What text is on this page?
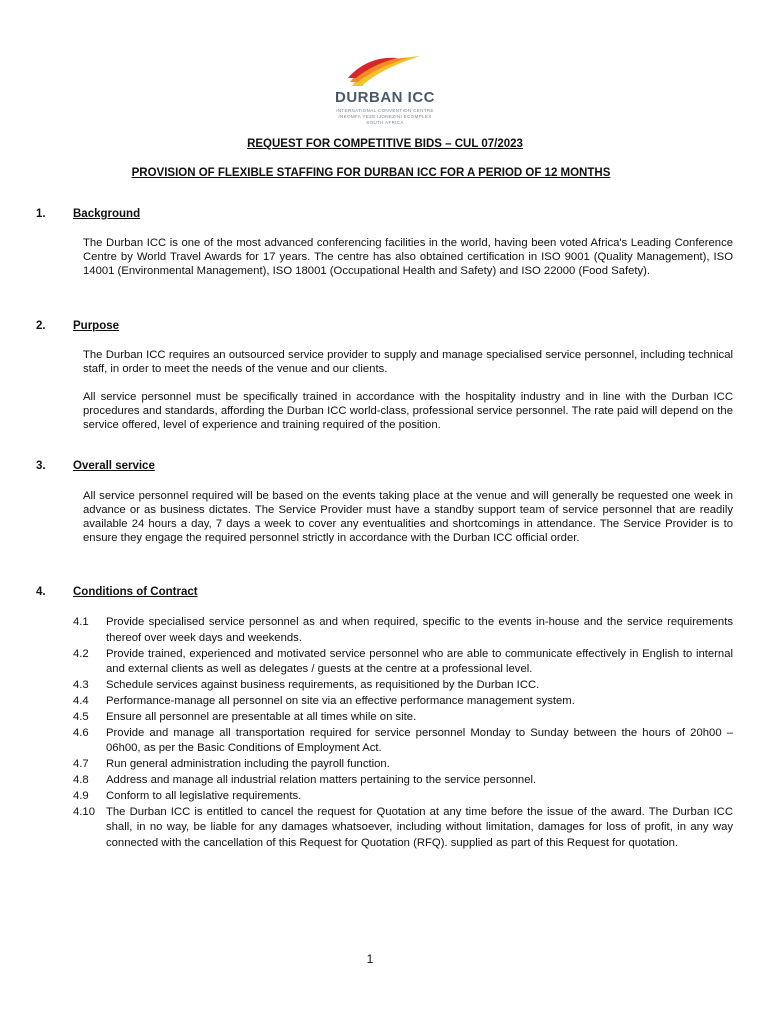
DURBAN ICC
INTERNATIONAL CONVENTION CENTRE
INKOMFA YEZE IJONEZINI ECOMPLEX
SOUTH AFRICA
REQUEST FOR COMPETITIVE BIDS – CUL 07/2023
PROVISION OF FLEXIBLE STAFFING FOR DURBAN ICC FOR A PERIOD OF 12 MONTHS
1. Background

The Durban ICC is one of the most advanced conferencing facilities in the world, having been voted Africa's Leading Conference Centre by World Travel Awards for 17 years. The centre has also obtained certification in ISO 9001 (Quality Management), ISO 14001 (Environmental Management), ISO 18001 (Occupational Health and Safety) and ISO 22000 (Food Safety).

2. Purpose

The Durban ICC requires an outsourced service provider to supply and manage specialised service personnel, including technical staff, in order to meet the needs of the venue and our clients.

All service personnel must be specifically trained in accordance with the hospitality industry and in line with the Durban ICC procedures and standards, affording the Durban ICC world-class, professional service personnel. The rate paid will depend on the service offered, level of experience and training required of the position.

3. Overall service

All service personnel required will be based on the events taking place at the venue and will generally be requested one week in advance or as business dictates. The Service Provider must have a standby support team of service personnel that are readily available 24 hours a day, 7 days a week to cover any eventualities and shortcomings in attendance. The Service Provider is to ensure they engage the required personnel strictly in accordance with the Durban ICC official order.

4. Conditions of Contract
4.1	Provide specialised service personnel as and when required, specific to the events in-house and the service requirements thereof over week days and weekends.
4.2	Provide trained, experienced and motivated service personnel who are able to communicate effectively in English to internal and external clients as well as delegates / guests at the centre at a professional level.
4.3	Schedule services against business requirements, as requisitioned by the Durban ICC.
4.4	Performance-manage all personnel on site via an effective performance management system.
4.5	Ensure all personnel are presentable at all times while on site.
4.6	Provide and manage all transportation required for service personnel Monday to Sunday between the hours of 20h00 – 06h00, as per the Basic Conditions of Employment Act.
4.7	Run general administration including the payroll function.
4.8	Address and manage all industrial relation matters pertaining to the service personnel.
4.9	Conform to all legislative requirements.
4.10 The Durban ICC is entitled to cancel the request for Quotation at any time before the issue of the award. The Durban ICC shall, in no way, be liable for any damages whatsoever, including without limitation, damages for loss of profit, in any way connected with the cancellation of this Request for Quotation (RFQ). supplied as part of this Request for quotation.
1
